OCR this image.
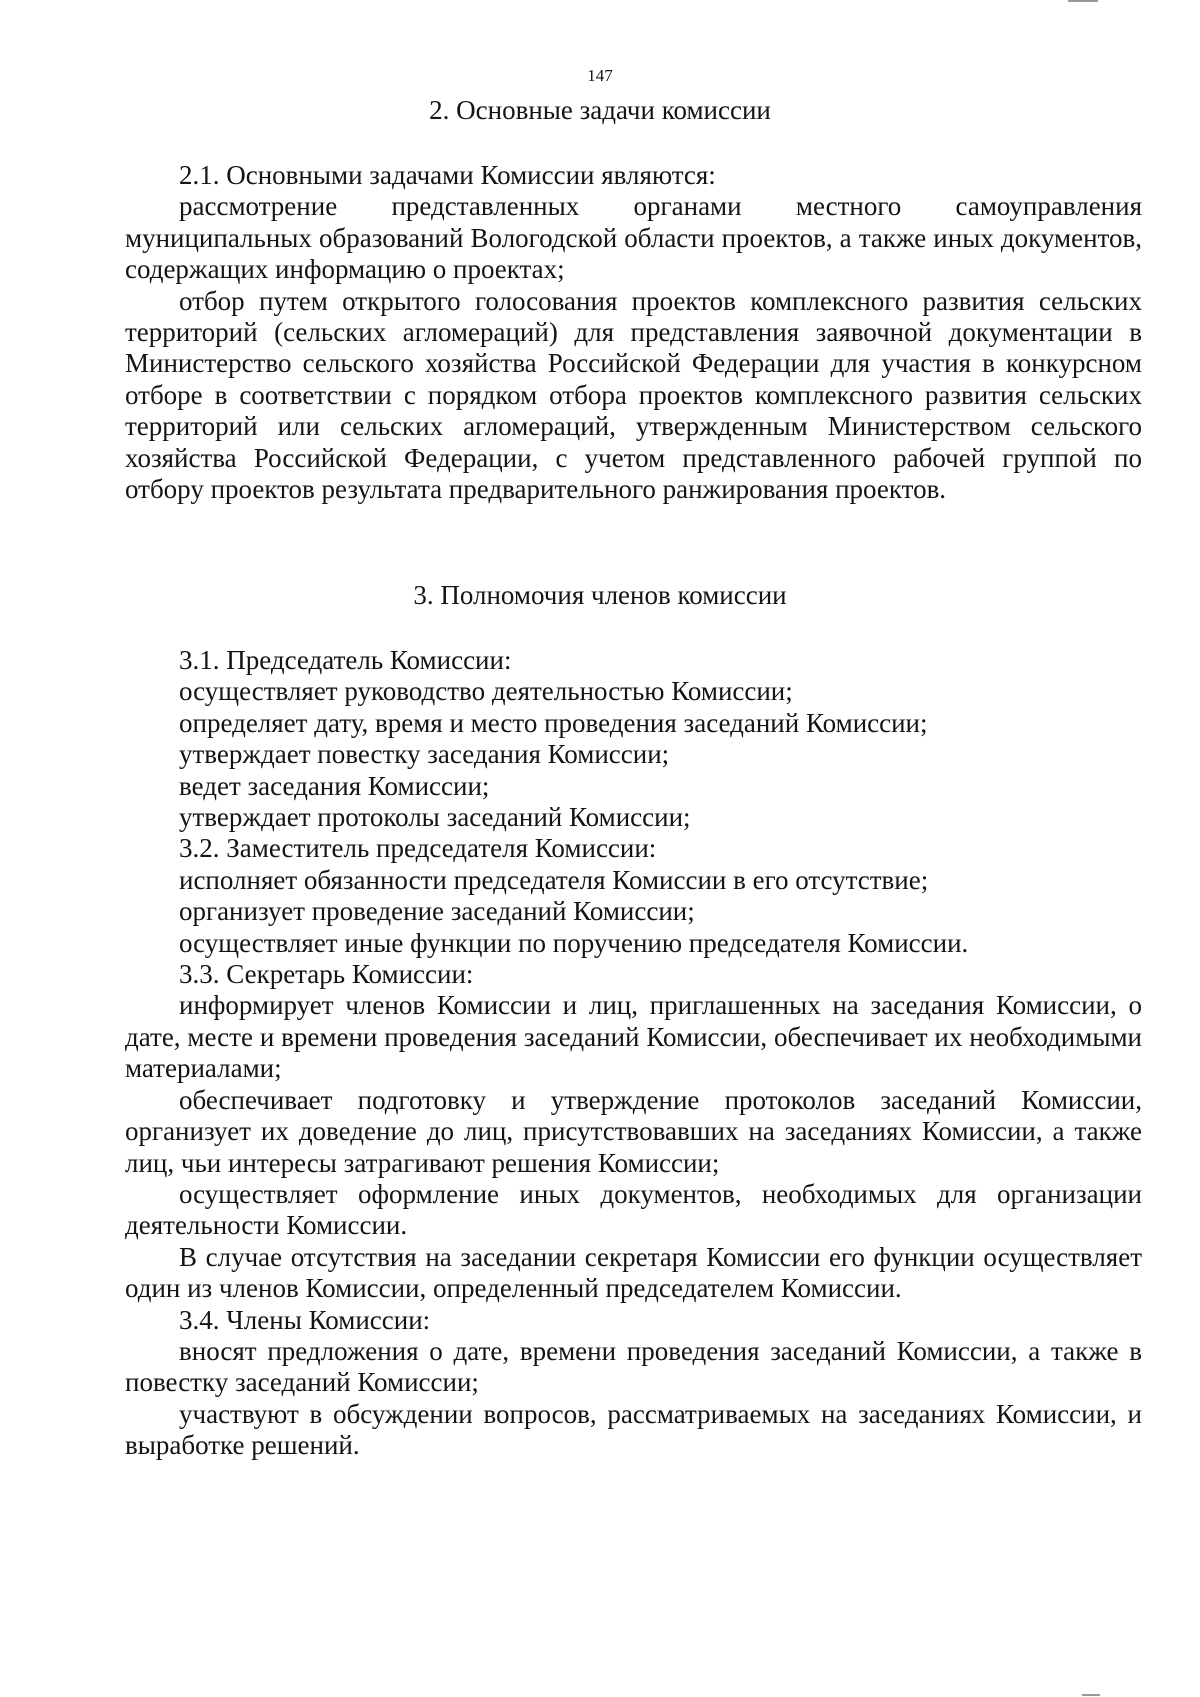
147
2. Основные задачи комиссии

2.1. Основными задачами Комиссии являются:

рассмотрение представленных органами местного самоуправления муниципальных образований Вологодской области проектов, а также иных документов, содержащих информацию о проектах;

отбор путем открытого голосования проектов комплексного развития сельских территорий (сельских агломераций) для представления заявочной документации в Министерство сельского хозяйства Российской Федерации для участия в конкурсном отборе в соответствии с порядком отбора проектов комплексного развития сельских территорий или сельских агломераций, утвержденным Министерством сельского хозяйства Российской Федерации, с учетом представленного рабочей группой по отбору проектов результата предварительного ранжирования проектов.

3. Полномочия членов комиссии

3.1. Председатель Комиссии:

осуществляет руководство деятельностью Комиссии;

определяет дату, время и место проведения заседаний Комиссии;

утверждает повестку заседания Комиссии;

ведет заседания Комиссии;

утверждает протоколы заседаний Комиссии;

3.2. Заместитель председателя Комиссии:

исполняет обязанности председателя Комиссии в его отсутствие;

организует проведение заседаний Комиссии;

осуществляет иные функции по поручению председателя Комиссии.

3.3. Секретарь Комиссии:

информирует членов Комиссии и лиц, приглашенных на заседания Комиссии, о дате, месте и времени проведения заседаний Комиссии, обеспечивает их необходимыми материалами;

обеспечивает подготовку и утверждение протоколов заседаний Комиссии, организует их доведение до лиц, присутствовавших на заседаниях Комиссии, а также лиц, чьи интересы затрагивают решения Комиссии;

осуществляет оформление иных документов, необходимых для организации деятельности Комиссии.

В случае отсутствия на заседании секретаря Комиссии его функции осуществляет один из членов Комиссии, определенный председателем Комиссии.

3.4. Члены Комиссии:

вносят предложения о дате, времени проведения заседаний Комиссии, а также в повестку заседаний Комиссии;

участвуют в обсуждении вопросов, рассматриваемых на заседаниях Комиссии, и выработке решений.
